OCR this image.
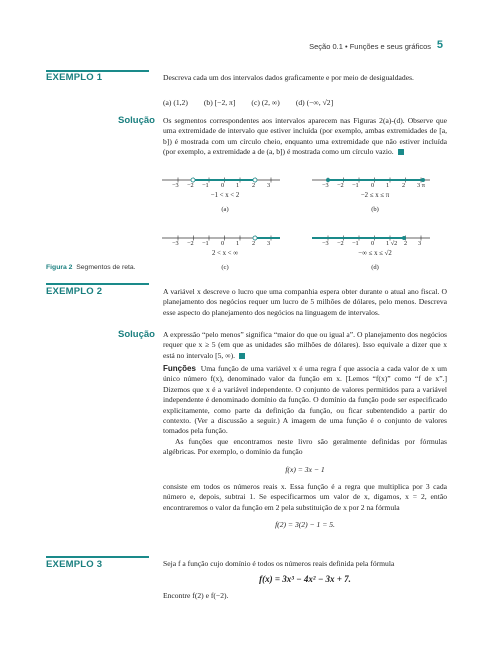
Seção 0.1 • Funções e seus gráficos 5
EXEMPLO 1	Descreva cada um dos intervalos dados graficamente e por meio de desigualdades.

(a) (1,2) (b) [−2, π] (c) (2, ∞) (d) (−∞, √2]
Solução Os segmentos correspondentes aos intervalos aparecem nas Figuras 2(a)-(d). Observe que uma extremidade de intervalo que estiver incluída (por exemplo, ambas extremidades de [a, b]) é mostrada com um círculo cheio, enquanto uma extremidade que não estiver incluída (por exemplo, a extremidade a de (a, b]) é mostrada como um círculo vazio.

−3 −2 −1 0 1 2 3
−1 < x < 2
(a)
−3 −2 −1 0 1 2 3 π
−2 ≤ x ≤ π
(b)
−3 −2 −1 0 1 2 3
2 < x < ∞
(c)
−3 −2 −1 0 1 √2 2 3
−∞ ≤ x ≤ √2
(d)
Figura 2 Segmentos de reta.
EXEMPLO 2	A variável x descreve o lucro que uma companhia espera obter durante o atual ano fiscal. O planejamento dos negócios requer um lucro de 5 milhões de dólares, pelo menos. Descreva esse aspecto do planejamento dos negócios na linguagem de intervalos.

Solução A expressão “pelo menos” significa “maior do que ou igual a”. O planejamento dos negócios requer que x ≥ 5 (em que as unidades são milhões de dólares). Isso equivale a dizer que x está no intervalo [5, ∞).

Funções Uma função de uma variável x é uma regra f que associa a cada valor de x um único número f(x), denominado valor da função em x. [Lemos “f(x)” como “f de x”.] Dizemos que x é a variável independente. O conjunto de valores permitidos para a variável independente é denominado domínio da função. O domínio da função pode ser especificado explicitamente, como parte da definição da função, ou ficar subentendido a partir do contexto. (Ver a discussão a seguir.) A imagem de uma função é o conjunto de valores tomados pela função.

As funções que encontramos neste livro são geralmente definidas por fórmulas algébricas. Por exemplo, o domínio da função

f(x) = 3x − 1

consiste em todos os números reais x. Essa função é a regra que multiplica por 3 cada número e, depois, subtrai 1. Se especificarmos um valor de x, digamos, x = 2, então encontraremos o valor da função em 2 pela substituição de x por 2 na fórmula

f(2) = 3(2) − 1 = 5.

EXEMPLO 3	Seja f a função cujo domínio é todos os números reais definida pela fórmula

f(x) = 3x³ − 4x² − 3x + 7.

Encontre f(2) e f(−2).
